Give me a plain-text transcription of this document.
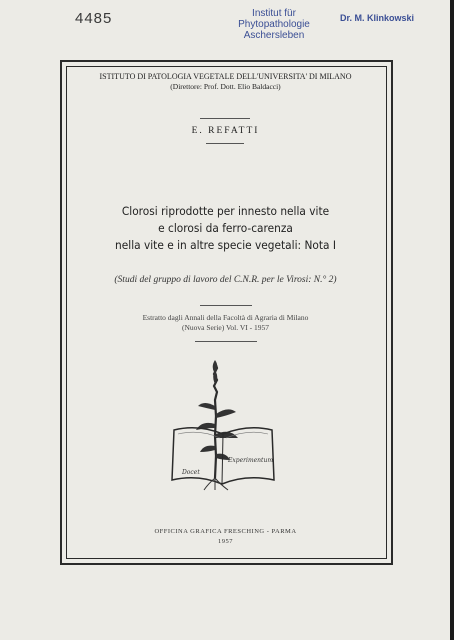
4485	Institut für Phytopathologie
Aschersleben
Dr. M. Klinkowski
ISTITUTO DI PATOLOGIA VEGETALE DELL'UNIVERSITA' DI MILANO
(Direttore: Prof. Dott. Elio Baldacci)
E. REFATTI
Clorosi riprodotte per innesto nella vite
e clorosi da ferro-carenza
nella vite e in altre specie vegetali: Nota I
(Studi del gruppo di lavoro del C.N.R. per le Virosi: N.° 2)
Estratto dagli Annali della Facoltà di Agraria di Milano
(Nuova Serie) Vol. VI - 1957
Docet
Experimentum
OFFICINA GRAFICA FRESCHING - PARMA
1957
